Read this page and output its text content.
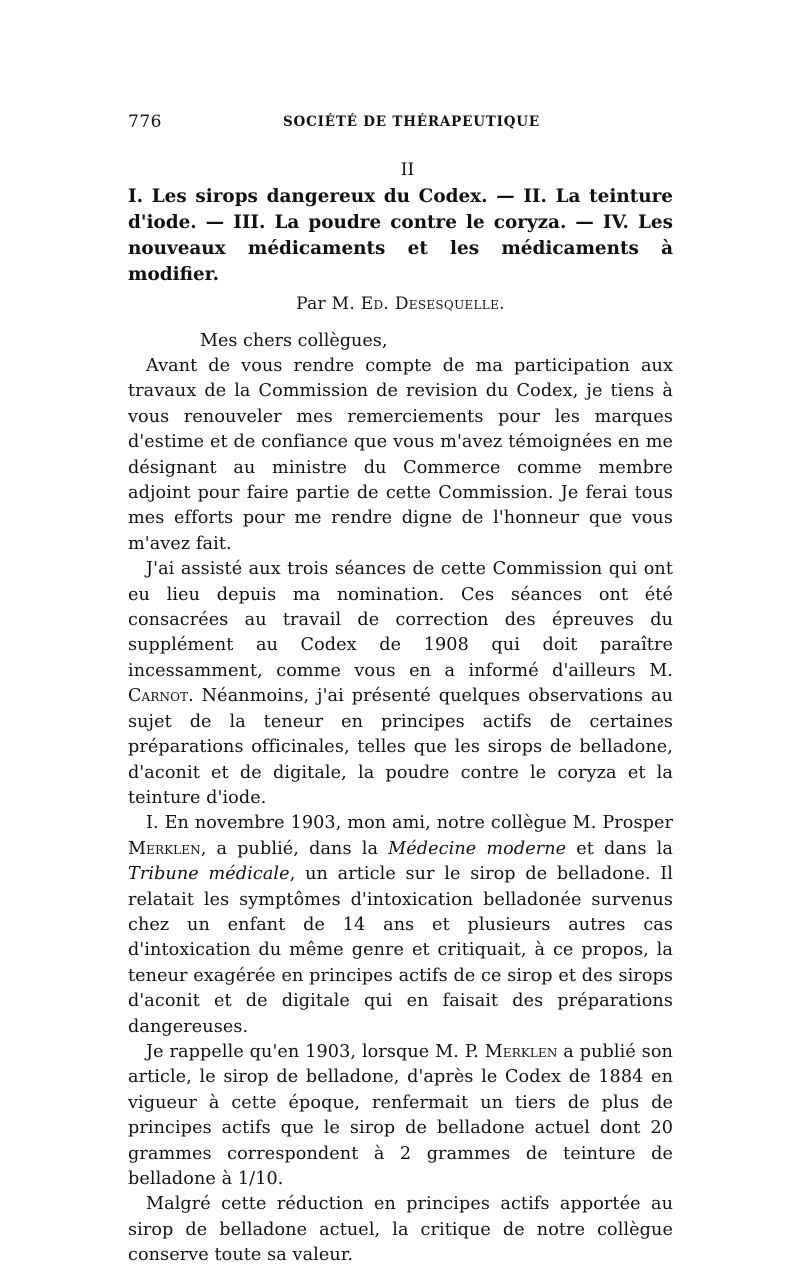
776	SOCIÉTÉ DE THÉRAPEUTIQUE
II

I. Les sirops dangereux du Codex. — II. La teinture d'iode. — III. La poudre contre le coryza. — IV. Les nouveaux médicaments et les médicaments à modifier.

Par M. Ed. Desesquelle.
Mes chers collègues,

Avant de vous rendre compte de ma participation aux travaux de la Commission de revision du Codex, je tiens à vous renouveler mes remerciements pour les marques d'estime et de confiance que vous m'avez témoignées en me désignant au ministre du Commerce comme membre adjoint pour faire partie de cette Commission. Je ferai tous mes efforts pour me rendre digne de l'honneur que vous m'avez fait.

J'ai assisté aux trois séances de cette Commission qui ont eu lieu depuis ma nomination. Ces séances ont été consacrées au travail de correction des épreuves du supplément au Codex de 1908 qui doit paraître incessamment, comme vous en a informé d'ailleurs M. Carnot. Néanmoins, j'ai présenté quelques observations au sujet de la teneur en principes actifs de certaines préparations officinales, telles que les sirops de belladone, d'aconit et de digitale, la poudre contre le coryza et la teinture d'iode.

I. En novembre 1903, mon ami, notre collègue M. Prosper Merklen, a publié, dans la Médecine moderne et dans la Tribune médicale, un article sur le sirop de belladone. Il relatait les symptômes d'intoxication belladonée survenus chez un enfant de 14 ans et plusieurs autres cas d'intoxication du même genre et critiquait, à ce propos, la teneur exagérée en principes actifs de ce sirop et des sirops d'aconit et de digitale qui en faisait des préparations dangereuses.

Je rappelle qu'en 1903, lorsque M. P. Merklen a publié son article, le sirop de belladone, d'après le Codex de 1884 en vigueur à cette époque, renfermait un tiers de plus de principes actifs que le sirop de belladone actuel dont 20 grammes correspondent à 2 grammes de teinture de belladone à 1/10.

Malgré cette réduction en principes actifs apportée au sirop de belladone actuel, la critique de notre collègue conserve toute sa valeur.
